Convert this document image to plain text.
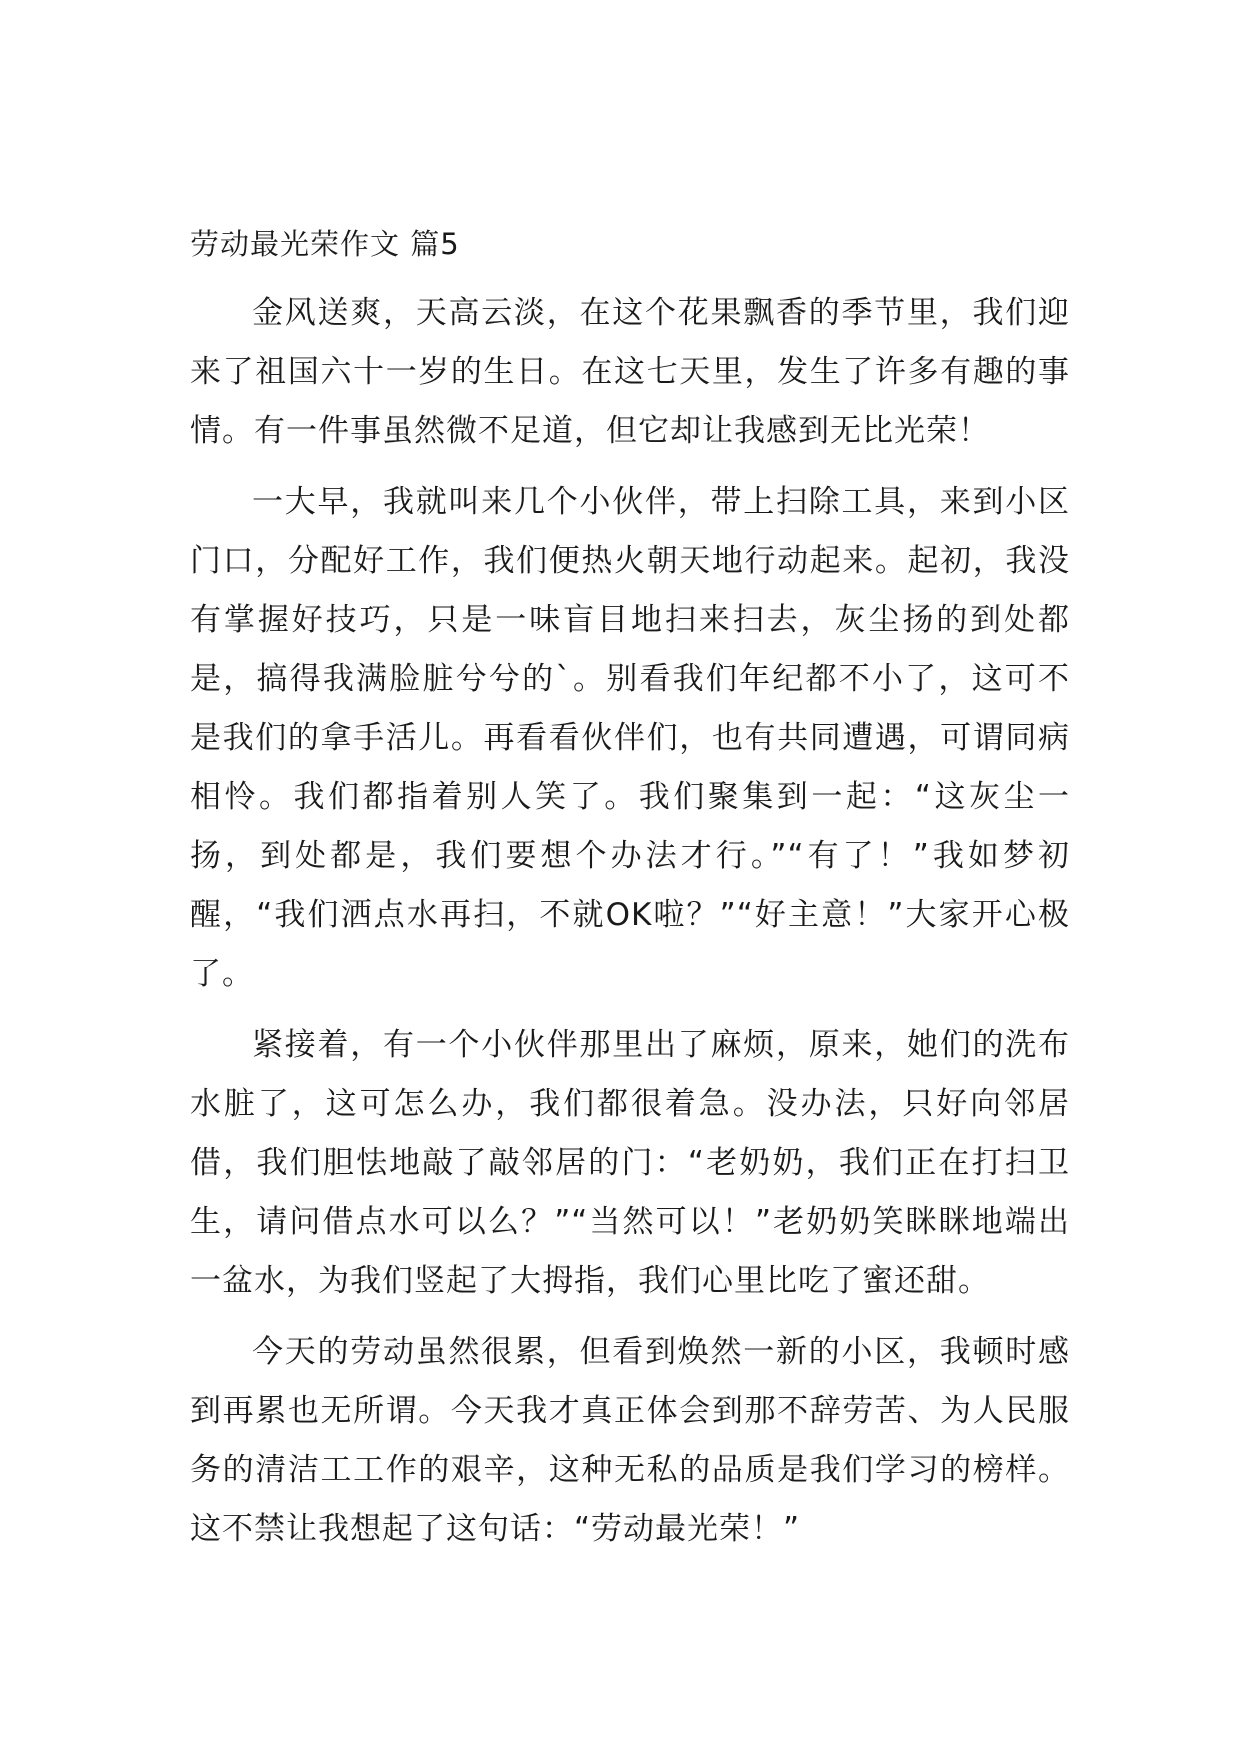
劳动最光荣作文 篇5

金风送爽，天高云淡，在这个花果飘香的季节里，我们迎来了祖国六十一岁的生日。在这七天里，发生了许多有趣的事情。有一件事虽然微不足道，但它却让我感到无比光荣！

一大早，我就叫来几个小伙伴，带上扫除工具，来到小区门口，分配好工作，我们便热火朝天地行动起来。起初，我没有掌握好技巧，只是一味盲目地扫来扫去，灰尘扬的到处都是，搞得我满脸脏兮兮的`。别看我们年纪都不小了，这可不是我们的拿手活儿。再看看伙伴们，也有共同遭遇，可谓同病相怜。我们都指着别人笑了。我们聚集到一起：“这灰尘一扬，到处都是，我们要想个办法才行。”“有了！”我如梦初醒，“我们洒点水再扫，不就OK啦？”“好主意！”大家开心极了。

紧接着，有一个小伙伴那里出了麻烦，原来，她们的洗布水脏了，这可怎么办，我们都很着急。没办法，只好向邻居借，我们胆怯地敲了敲邻居的门：“老奶奶，我们正在打扫卫生，请问借点水可以么？”“当然可以！”老奶奶笑眯眯地端出一盆水，为我们竖起了大拇指，我们心里比吃了蜜还甜。

今天的劳动虽然很累，但看到焕然一新的小区，我顿时感到再累也无所谓。今天我才真正体会到那不辞劳苦、为人民服务的清洁工工作的艰辛，这种无私的品质是我们学习的榜样。这不禁让我想起了这句话：“劳动最光荣！”
